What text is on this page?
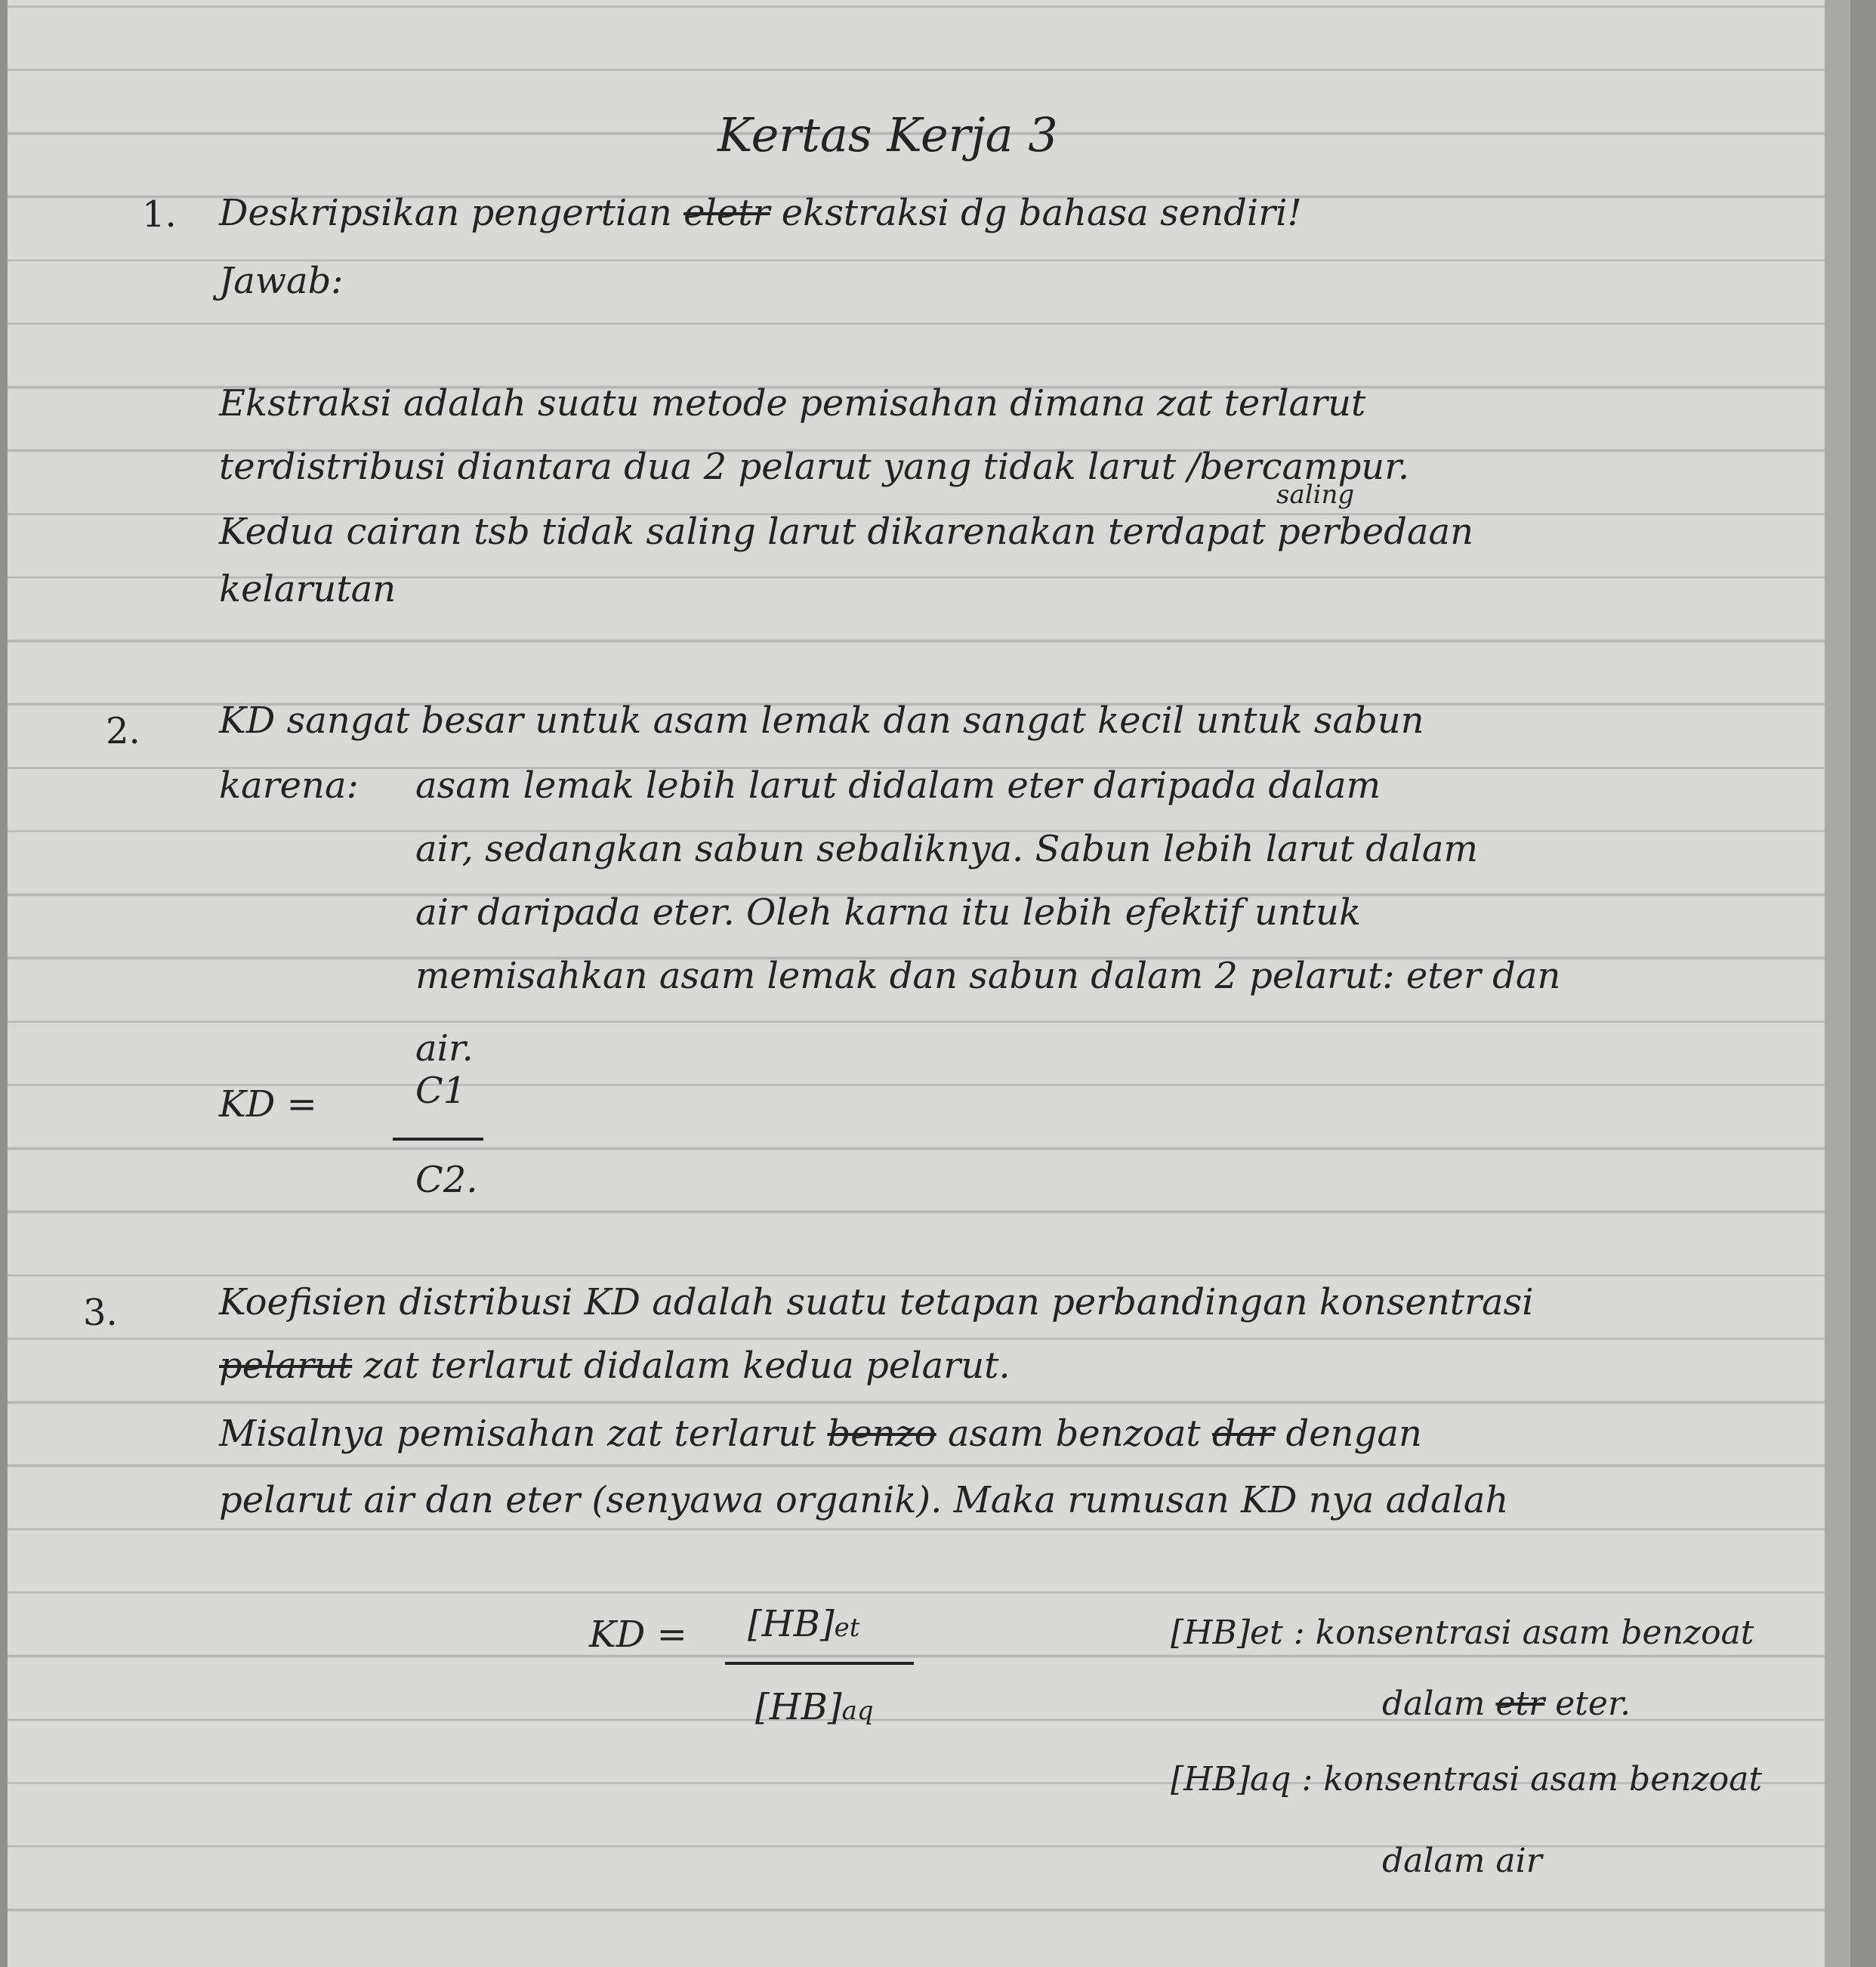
Kertas Kerja 3
1. Deskripsikan pengertian eletr ekstraksi dg bahasa sendiri!
Jawab:
Ekstraksi adalah suatu metode pemisahan dimana zat terlarut
terdistribusi diantara dua 2 pelarut yang tidak larut /bercampur.
saling
Kedua cairan tsb tidak saling larut dikarenakan terdapat perbedaan
kelarutan
2. KD sangat besar untuk asam lemak dan sangat kecil untuk sabun
karena: asam lemak lebih larut didalam eter daripada dalam
air, sedangkan sabun sebaliknya. Sabun lebih larut dalam
air daripada eter. Oleh karna itu lebih efektif untuk
memisahkan asam lemak dan sabun dalam 2 pelarut: eter dan
air.
KD =	C1
C2.
3.	Koefisien distribusi KD adalah suatu tetapan perbandingan konsentrasi
pelarut zat terlarut didalam kedua pelarut.
Misalnya pemisahan zat terlarut benzo asam benzoat dar dengan
pelarut air dan eter (senyawa organik). Maka rumusan KD nya adalah
KD = [HB]et
[HB]aq
[HB]et : konsentrasi asam benzoat
dalam etr eter.
[HB]aq : konsentrasi asam benzoat
dalam air
